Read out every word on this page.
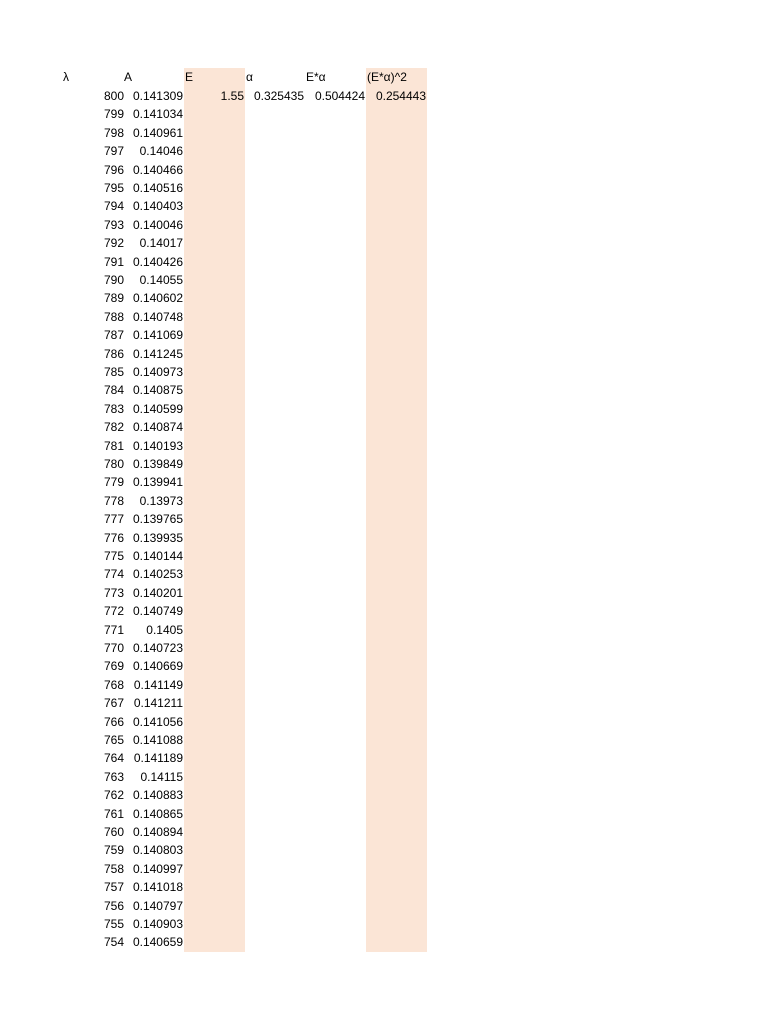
λ	A	E	α	E*α	(E*α)^2
800 0.141309	1.55 0.325435 0.504424 0.254443
799 0.141034
798 0.140961
797	0.14046
796 0.140466
795 0.140516
794 0.140403
793 0.140046
792	0.14017
791 0.140426
790	0.14055
789 0.140602
788 0.140748
787 0.141069
786 0.141245
785 0.140973
784 0.140875
783 0.140599
782 0.140874
781 0.140193
780 0.139849
779 0.139941
778	0.13973
777 0.139765
776 0.139935
775 0.140144
774 0.140253
773 0.140201
772 0.140749
771	0.1405
770 0.140723
769 0.140669
768 0.141149
767 0.141211
766 0.141056
765 0.141088
764 0.141189
763	0.14115
762 0.140883
761 0.140865
760 0.140894
759 0.140803
758 0.140997
757 0.141018
756 0.140797
755 0.140903
754 0.140659
